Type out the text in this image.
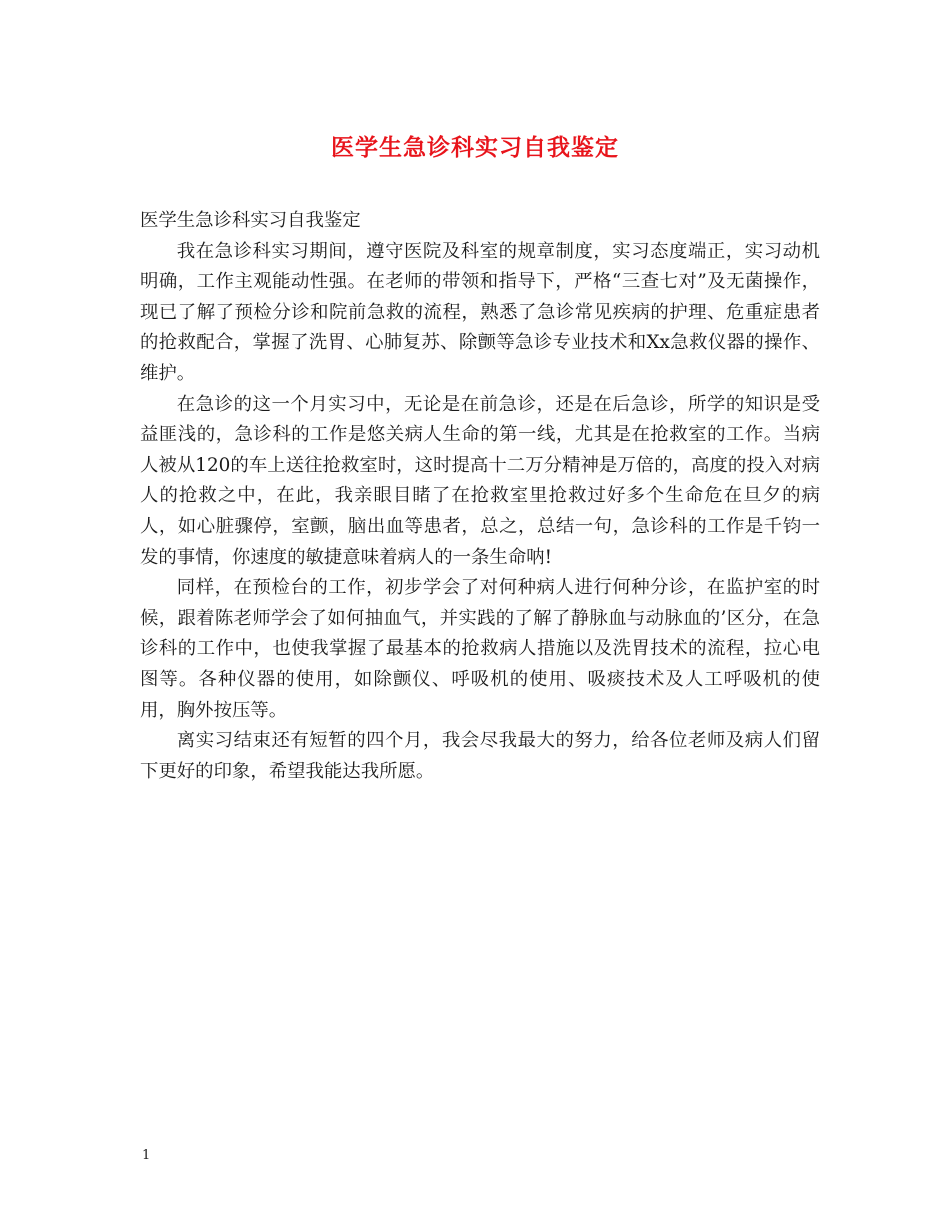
医学生急诊科实习自我鉴定

医学生急诊科实习自我鉴定

我在急诊科实习期间，遵守医院及科室的规章制度，实习态度端正，实习动机明确，工作主观能动性强。在老师的带领和指导下，严格“三查七对”及无菌操作，现已了解了预检分诊和院前急救的流程，熟悉了急诊常见疾病的护理、危重症患者的抢救配合，掌握了洗胃、心肺复苏、除颤等急诊专业技术和Xx急救仪器的操作、维护。

在急诊的这一个月实习中，无论是在前急诊，还是在后急诊，所学的知识是受益匪浅的，急诊科的工作是悠关病人生命的第一线，尤其是在抢救室的工作。当病人被从120的车上送往抢救室时，这时提高十二万分精神是万倍的，高度的投入对病人的抢救之中，在此，我亲眼目睹了在抢救室里抢救过好多个生命危在旦夕的病人，如心脏骤停，室颤，脑出血等患者，总之，总结一句，急诊科的工作是千钧一发的事情，你速度的敏捷意味着病人的一条生命呐!

同样，在预检台的工作，初步学会了对何种病人进行何种分诊，在监护室的时候，跟着陈老师学会了如何抽血气，并实践的了解了静脉血与动脉血的’区分，在急诊科的工作中，也使我掌握了最基本的抢救病人措施以及洗胃技术的流程，拉心电图等。各种仪器的使用，如除颤仪、呼吸机的使用、吸痰技术及人工呼吸机的使用，胸外按压等。

离实习结束还有短暂的四个月，我会尽我最大的努力，给各位老师及病人们留下更好的印象，希望我能达我所愿。

1
